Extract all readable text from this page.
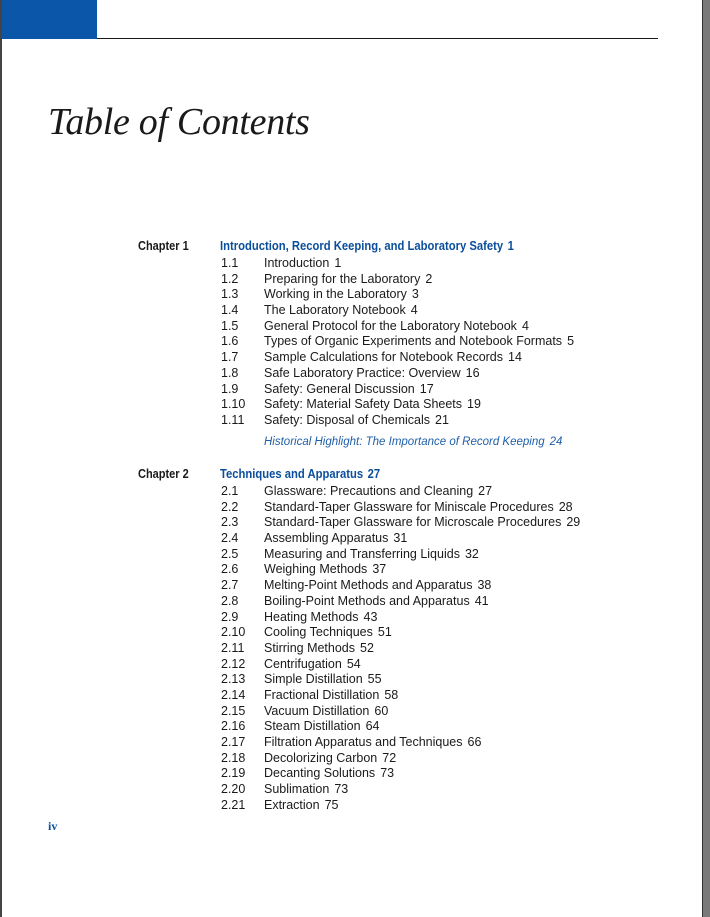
Table of Contents
Chapter 1	Introduction, Record Keeping, and Laboratory Safety 1
1.1 Introduction 1
1.2 Preparing for the Laboratory 2
1.3 Working in the Laboratory 3
1.4 The Laboratory Notebook 4
1.5 General Protocol for the Laboratory Notebook 4
1.6 Types of Organic Experiments and Notebook Formats 5
1.7 Sample Calculations for Notebook Records 14
1.8 Safe Laboratory Practice: Overview 16
1.9 Safety: General Discussion 17
1.10 Safety: Material Safety Data Sheets 19
1.11 Safety: Disposal of Chemicals 21
Historical Highlight: The Importance of Record Keeping 24
Chapter 2	Techniques and Apparatus 27
2.1 Glassware: Precautions and Cleaning 27
2.2 Standard-Taper Glassware for Miniscale Procedures 28
2.3 Standard-Taper Glassware for Microscale Procedures 29
2.4 Assembling Apparatus 31
2.5 Measuring and Transferring Liquids 32
2.6 Weighing Methods 37
2.7 Melting-Point Methods and Apparatus 38
2.8 Boiling-Point Methods and Apparatus 41
2.9 Heating Methods 43
2.10 Cooling Techniques 51
2.11 Stirring Methods 52
2.12 Centrifugation 54
2.13 Simple Distillation 55
2.14 Fractional Distillation 58
2.15 Vacuum Distillation 60
2.16 Steam Distillation 64
2.17 Filtration Apparatus and Techniques 66
2.18 Decolorizing Carbon 72
2.19 Decanting Solutions 73
2.20 Sublimation 73
2.21 Extraction 75
iv
